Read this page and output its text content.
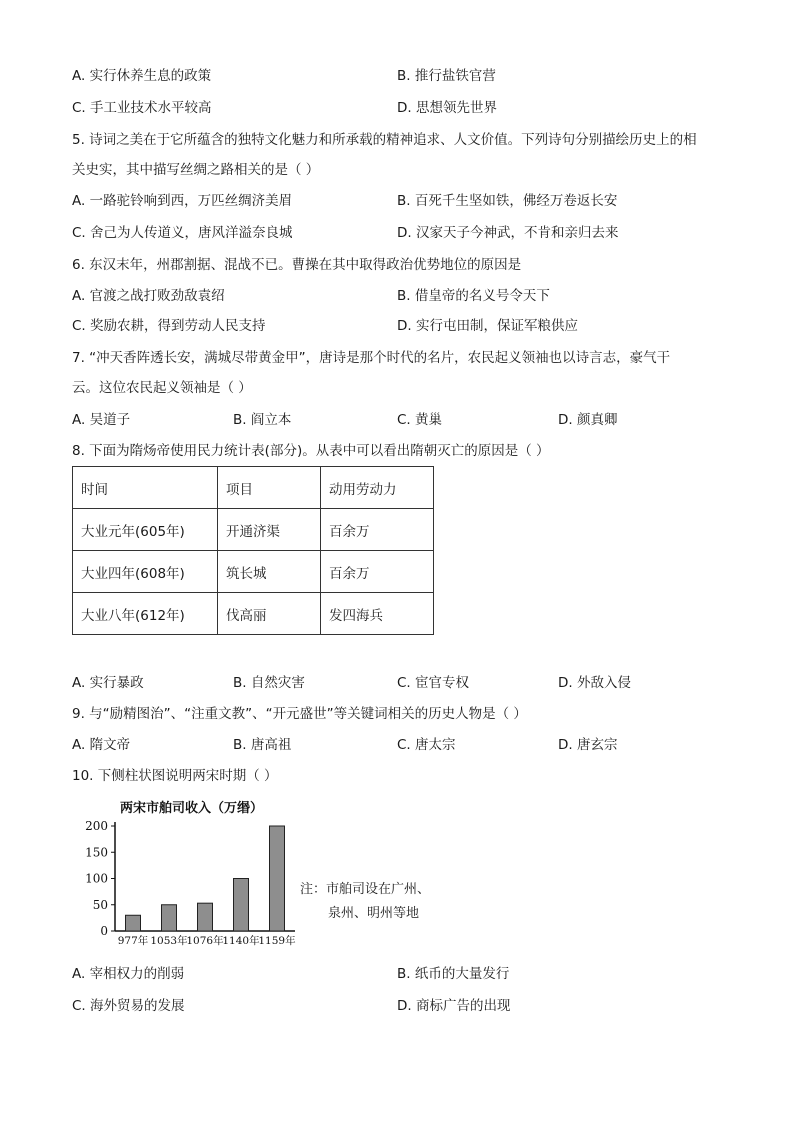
A. 实行休养生息的政策	B. 推行盐铁官营
C. 手工业技术水平较高	D. 思想领先世界
5. 诗词之美在于它所蕴含的独特文化魅力和所承载的精神追求、人文价值。下列诗句分别描绘历史上的相
关史实，其中描写丝绸之路相关的是（ ）
A. 一路驼铃响到西，万匹丝绸济美眉	B. 百死千生坚如铁，佛经万卷返长安
C. 舍己为人传道义，唐风洋溢奈良城	D. 汉家天子今神武，不肯和亲归去来
6. 东汉末年，州郡割据、混战不已。曹操在其中取得政治优势地位的原因是
A. 官渡之战打败劲敌袁绍	B. 借皇帝的名义号令天下
C. 奖励农耕，得到劳动人民支持	D. 实行屯田制，保证军粮供应
7. “冲天香阵透长安，满城尽带黄金甲”，唐诗是那个时代的名片，农民起义领袖也以诗言志，豪气干
云。这位农民起义领袖是（ ）
A. 吴道子	B. 阎立本	C. 黄巢	D. 颜真卿
8. 下面为隋炀帝使用民力统计表(部分)。从表中可以看出隋朝灭亡的原因是（ ）
时间	项目	动用劳动力
大业元年(605年)	开通济渠	百余万
大业四年(608年)	筑长城	百余万
大业八年(612年)	伐高丽	发四海兵
A. 实行暴政	B. 自然灾害	C. 宦官专权	D. 外敌入侵
9. 与“励精图治”、“注重文教”、“开元盛世”等关键词相关的历史人物是（ ）
A. 隋文帝	B. 唐高祖	C. 唐太宗	D. 唐玄宗
10. 下侧柱状图说明两宋时期（ ）
两宋市舶司收入（万缗）
0
50
100
150
200
977年 1053年
1076年
1140年
1159年
注：市舶司设在广州、
泉州、明州等地
A. 宰相权力的削弱	B. 纸币的大量发行
C. 海外贸易的发展	D. 商标广告的出现
